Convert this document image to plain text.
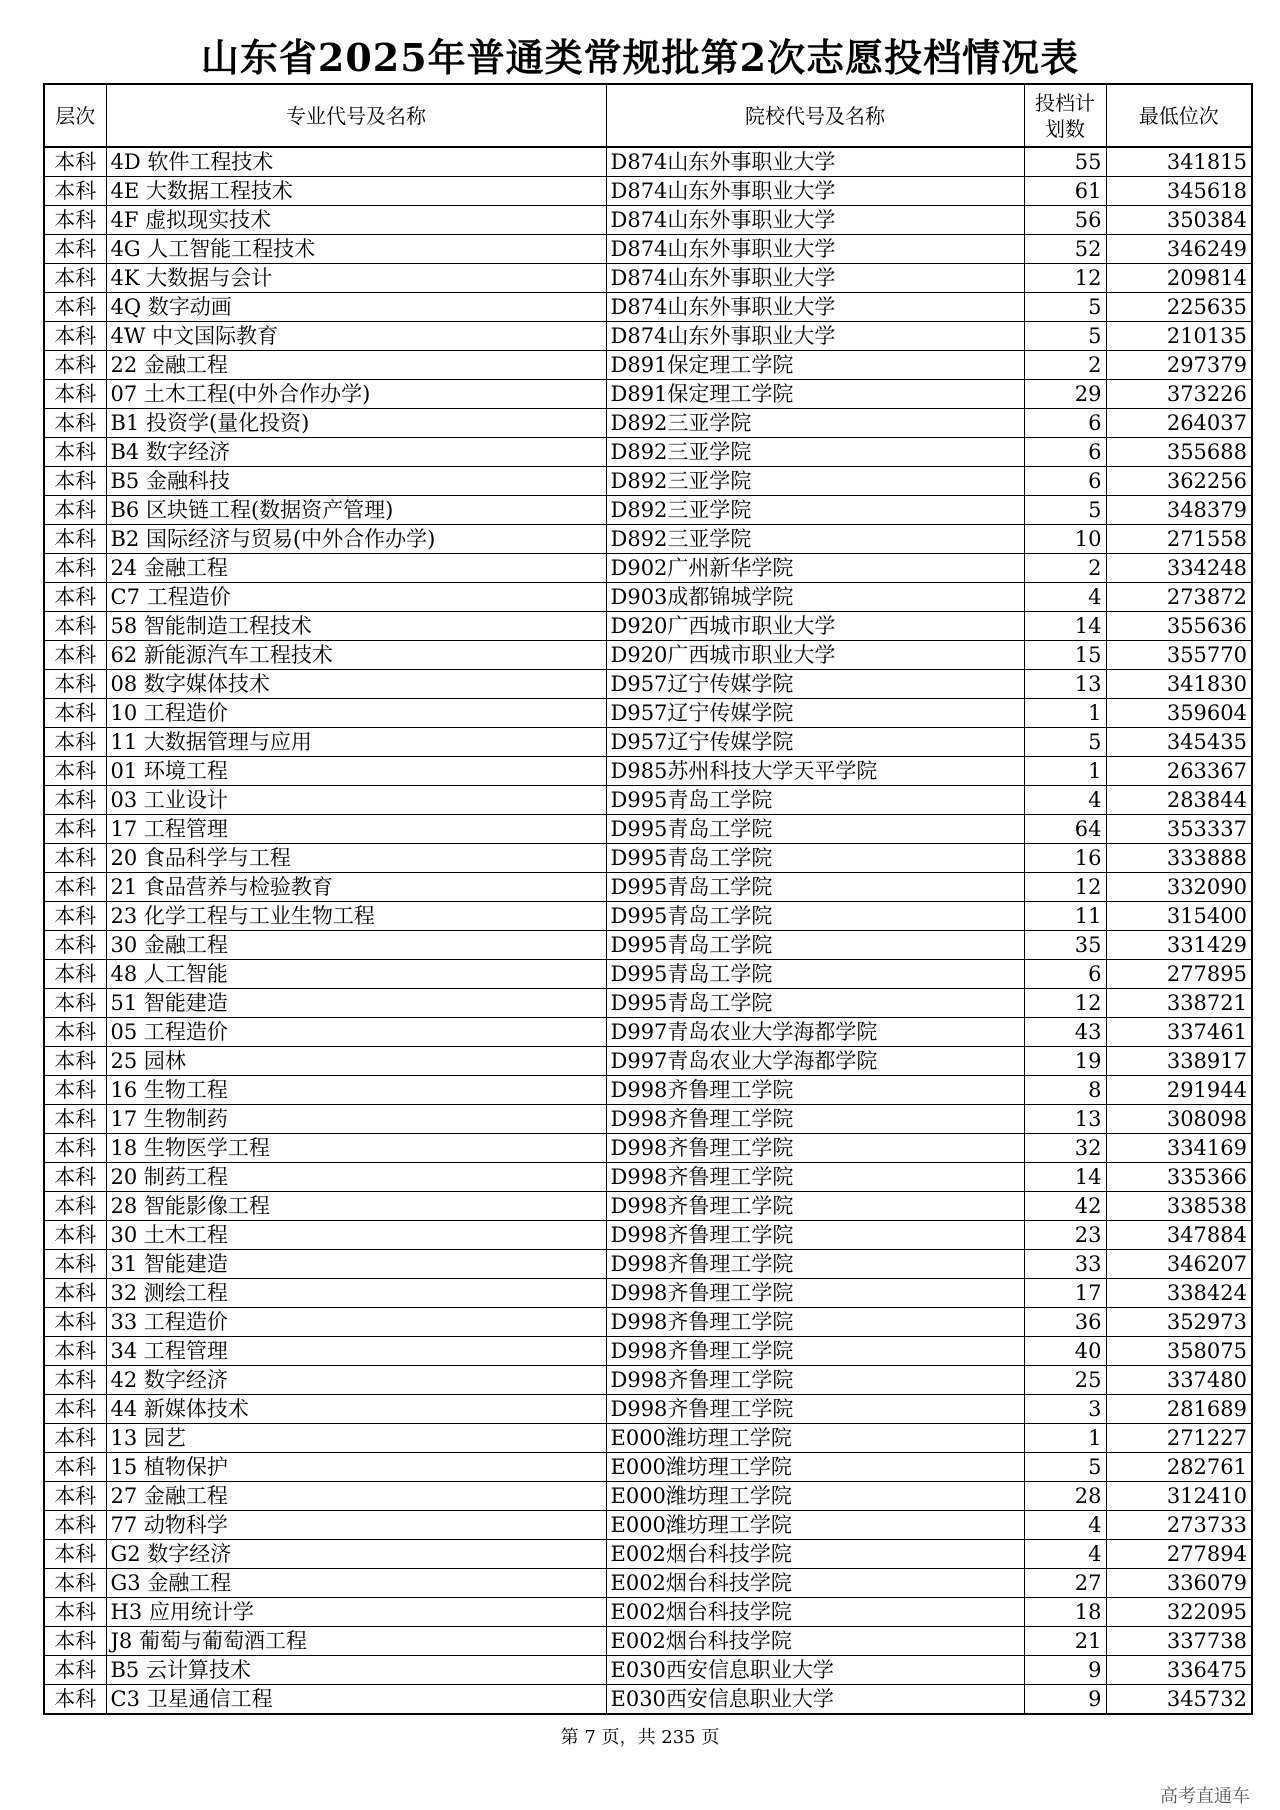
山东省2025年普通类常规批第2次志愿投档情况表
层次	专业代号及名称	院校代号及名称	投档计划数	最低位次
本科	4D 软件工程技术	D874山东外事职业大学	55	341815
本科	4E 大数据工程技术	D874山东外事职业大学	61	345618
本科	4F 虚拟现实技术	D874山东外事职业大学	56	350384
本科	4G 人工智能工程技术	D874山东外事职业大学	52	346249
本科	4K 大数据与会计	D874山东外事职业大学	12	209814
本科	4Q 数字动画	D874山东外事职业大学	5	225635
本科	4W 中文国际教育	D874山东外事职业大学	5	210135
本科	22 金融工程	D891保定理工学院	2	297379
本科	07 土木工程(中外合作办学)	D891保定理工学院	29	373226
本科	B1 投资学(量化投资)	D892三亚学院	6	264037
本科	B4 数字经济	D892三亚学院	6	355688
本科	B5 金融科技	D892三亚学院	6	362256
本科	B6 区块链工程(数据资产管理)	D892三亚学院	5	348379
本科	B2 国际经济与贸易(中外合作办学)	D892三亚学院	10	271558
本科	24 金融工程	D902广州新华学院	2	334248
本科	C7 工程造价	D903成都锦城学院	4	273872
本科	58 智能制造工程技术	D920广西城市职业大学	14	355636
本科	62 新能源汽车工程技术	D920广西城市职业大学	15	355770
本科	08 数字媒体技术	D957辽宁传媒学院	13	341830
本科	10 工程造价	D957辽宁传媒学院	1	359604
本科	11 大数据管理与应用	D957辽宁传媒学院	5	345435
本科	01 环境工程	D985苏州科技大学天平学院	1	263367
本科	03 工业设计	D995青岛工学院	4	283844
本科	17 工程管理	D995青岛工学院	64	353337
本科	20 食品科学与工程	D995青岛工学院	16	333888
本科	21 食品营养与检验教育	D995青岛工学院	12	332090
本科	23 化学工程与工业生物工程	D995青岛工学院	11	315400
本科	30 金融工程	D995青岛工学院	35	331429
本科	48 人工智能	D995青岛工学院	6	277895
本科	51 智能建造	D995青岛工学院	12	338721
本科	05 工程造价	D997青岛农业大学海都学院	43	337461
本科	25 园林	D997青岛农业大学海都学院	19	338917
本科	16 生物工程	D998齐鲁理工学院	8	291944
本科	17 生物制药	D998齐鲁理工学院	13	308098
本科	18 生物医学工程	D998齐鲁理工学院	32	334169
本科	20 制药工程	D998齐鲁理工学院	14	335366
本科	28 智能影像工程	D998齐鲁理工学院	42	338538
本科	30 土木工程	D998齐鲁理工学院	23	347884
本科	31 智能建造	D998齐鲁理工学院	33	346207
本科	32 测绘工程	D998齐鲁理工学院	17	338424
本科	33 工程造价	D998齐鲁理工学院	36	352973
本科	34 工程管理	D998齐鲁理工学院	40	358075
本科	42 数字经济	D998齐鲁理工学院	25	337480
本科	44 新媒体技术	D998齐鲁理工学院	3	281689
本科	13 园艺	E000潍坊理工学院	1	271227
本科	15 植物保护	E000潍坊理工学院	5	282761
本科	27 金融工程	E000潍坊理工学院	28	312410
本科	77 动物科学	E000潍坊理工学院	4	273733
本科	G2 数字经济	E002烟台科技学院	4	277894
本科	G3 金融工程	E002烟台科技学院	27	336079
本科	H3 应用统计学	E002烟台科技学院	18	322095
本科	J8 葡萄与葡萄酒工程	E002烟台科技学院	21	337738
本科	B5 云计算技术	E030西安信息职业大学	9	336475
本科	C3 卫星通信工程	E030西安信息职业大学	9	345732
第 7 页，共 235 页
高考直通车
